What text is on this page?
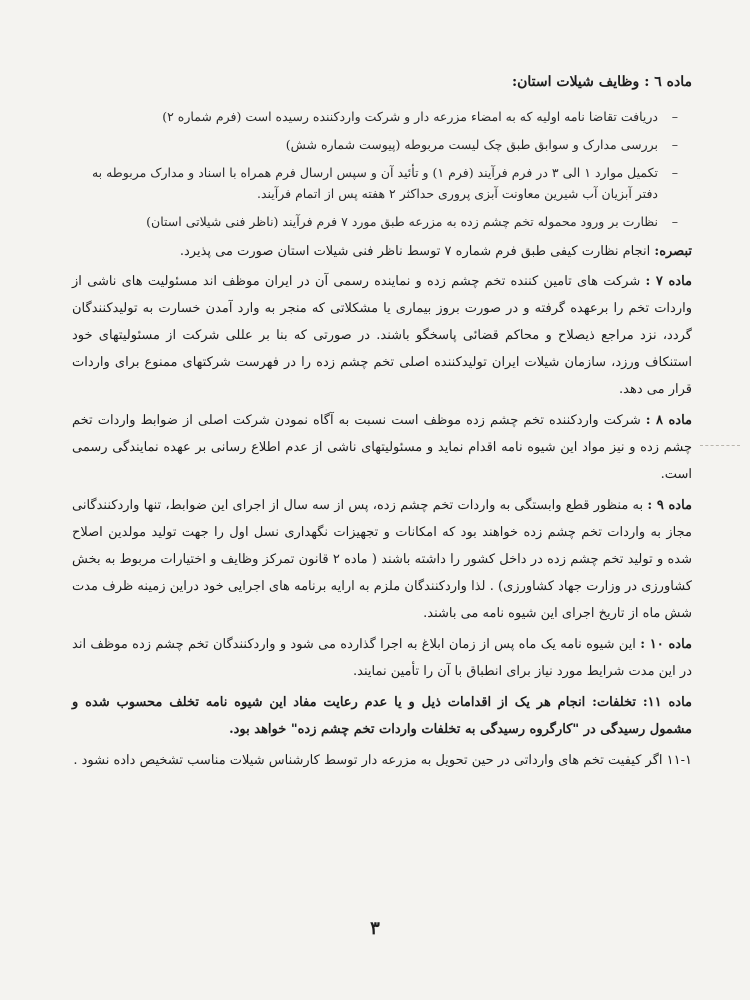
ماده ٦ : وظایف شیلات استان:
–
دریافت تقاضا نامه اولیه که به امضاء مزرعه دار و شرکت واردکننده رسیده است (فرم شماره ۲)
–
بررسی مدارک و سوابق طبق چک لیست مربوطه (پیوست شماره شش)
–
تکمیل موارد ۱ الی ۳ در فرم فرآیند (فرم ۱) و تأئید آن و سپس ارسال فرم همراه با اسناد و مدارک مربوطه به دفتر آبزیان آب شیرین معاونت آبزی پروری حداکثر ۲ هفته پس از اتمام فرآیند.
–
نظارت بر ورود محموله تخم چشم زده به مزرعه طبق مورد ۷ فرم فرآیند (ناظر فنی شیلاتی استان)
تبصره: انجام نظارت کیفی طبق فرم شماره ۷ توسط ناظر فنی شیلات استان صورت می پذیرد.
ماده ۷ : شرکت های تامین کننده تخم چشم زده و نماینده رسمی آن در ایران موظف اند مسئولیت های ناشی از واردات تخم را برعهده گرفته و در صورت بروز بیماری یا مشکلاتی که منجر به وارد آمدن خسارت به تولیدکنندگان گردد، نزد مراجع ذیصلاح و محاکم قضائی پاسخگو باشند. در صورتی که بنا بر عللی شرکت از مسئولیتهای خود استنکاف ورزد، سازمان شیلات ایران تولیدکننده اصلی تخم چشم زده را در فهرست شرکتهای ممنوع برای واردات قرار می دهد.
ماده ۸ : شرکت واردکننده تخم چشم زده موظف است نسبت به آگاه نمودن شرکت اصلی از ضوابط واردات تخم چشم زده و نیز مواد این شیوه نامه اقدام نماید و مسئولیتهای ناشی از عدم اطلاع رسانی بر عهده نمایندگی رسمی است.
ماده ۹ : به منظور قطع وابستگی به واردات تخم چشم زده، پس از سه سال از اجرای این ضوابط، تنها واردکنندگانی مجاز به واردات تخم چشم زده خواهند بود که امکانات و تجهیزات نگهداری نسل اول را جهت تولید مولدین اصلاح شده و تولید تخم چشم زده در داخل کشور را داشته باشند ( ماده ۲ قانون تمرکز وظایف و اختیارات مربوط به بخش کشاورزی در وزارت جهاد کشاورزی) . لذا واردکنندگان ملزم به ارایه برنامه های اجرایی خود دراین زمینه ظرف مدت شش ماه از تاریخ اجرای این شیوه نامه می باشند.
ماده ۱۰ : این شیوه نامه یک ماه پس از زمان ابلاغ به اجرا گذارده می شود و واردکنندگان تخم چشم زده موظف اند در این مدت شرایط مورد نیاز برای انطباق با آن را تأمین نمایند.
ماده ۱۱: تخلفات: انجام هر یک از اقدامات ذیل و یا عدم رعایت مفاد این شیوه نامه تخلف محسوب شده و مشمول رسیدگی در "کارگروه رسیدگی به تخلفات واردات تخم چشم زده" خواهد بود.
۱۱-۱ اگر کیفیت تخم های وارداتی در حین تحویل به مزرعه دار توسط کارشناس شیلات مناسب تشخیص داده نشود .
۳
